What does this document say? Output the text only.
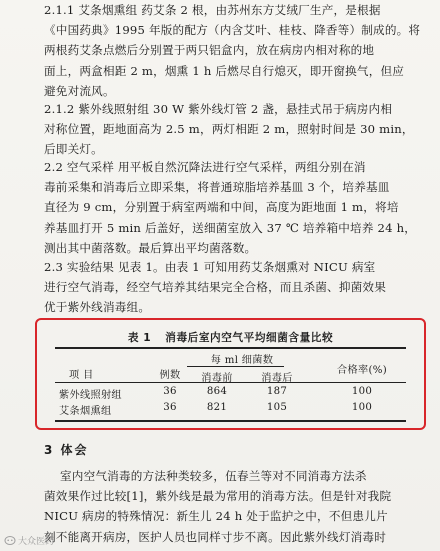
2.1.1 艾条烟熏组 药艾条 2 根，由苏州东方艾绒厂生产，是根据
《中国药典》1995 年版的配方（内含艾叶、桂枝、降香等）制成的。将
两根药艾条点燃后分别置于两只铝盒内，放在病房内相对称的地
面上，两盒相距 2 m，烟熏 1 h 后燃尽自行熄灭，即开窗换气，但应
避免对流风。
2.1.2 紫外线照射组 30 W 紫外线灯管 2 盏，悬挂式吊于病房内相
对称位置，距地面高为 2.5 m，两灯相距 2 m，照射时间是 30 min，
后即关灯。
2.2 空气采样 用平板自然沉降法进行空气采样，两组分别在消
毒前采集和消毒后立即采集，将普通琼脂培养基皿 3 个，培养基皿
直径为 9 cm，分别置于病室两端和中间，高度为距地面 1 m，将培
养基皿打开 5 min 后盖好，送细菌室放入 37 ℃ 培养箱中培养 24 h，
测出其中菌落数。最后算出平均菌落数。
2.3 实验结果 见表 1。由表 1 可知用药艾条烟熏对 NICU 病室
进行空气消毒，经空气培养其结果完全合格，而且杀菌、抑菌效果
优于紫外线消毒组。
表 1 消毒后室内空气平均细菌含量比较
项 目	例数
每 ml 细菌数
消毒前	消毒后
合格率(%)
紫外线照射组	36	864	187	100
艾条烟熏组	36	821	105	100
3 体会
室内空气消毒的方法种类较多，伍春兰等对不同消毒方法杀
菌效果作过比较[1]，紫外线是最为常用的消毒方法。但是针对我院
NICU 病房的特殊情况：新生儿 24 h 处于监护之中，不但患儿片
刻不能离开病房，医护人员也同样寸步不离。因此紫外线灯消毒时
大众医药
